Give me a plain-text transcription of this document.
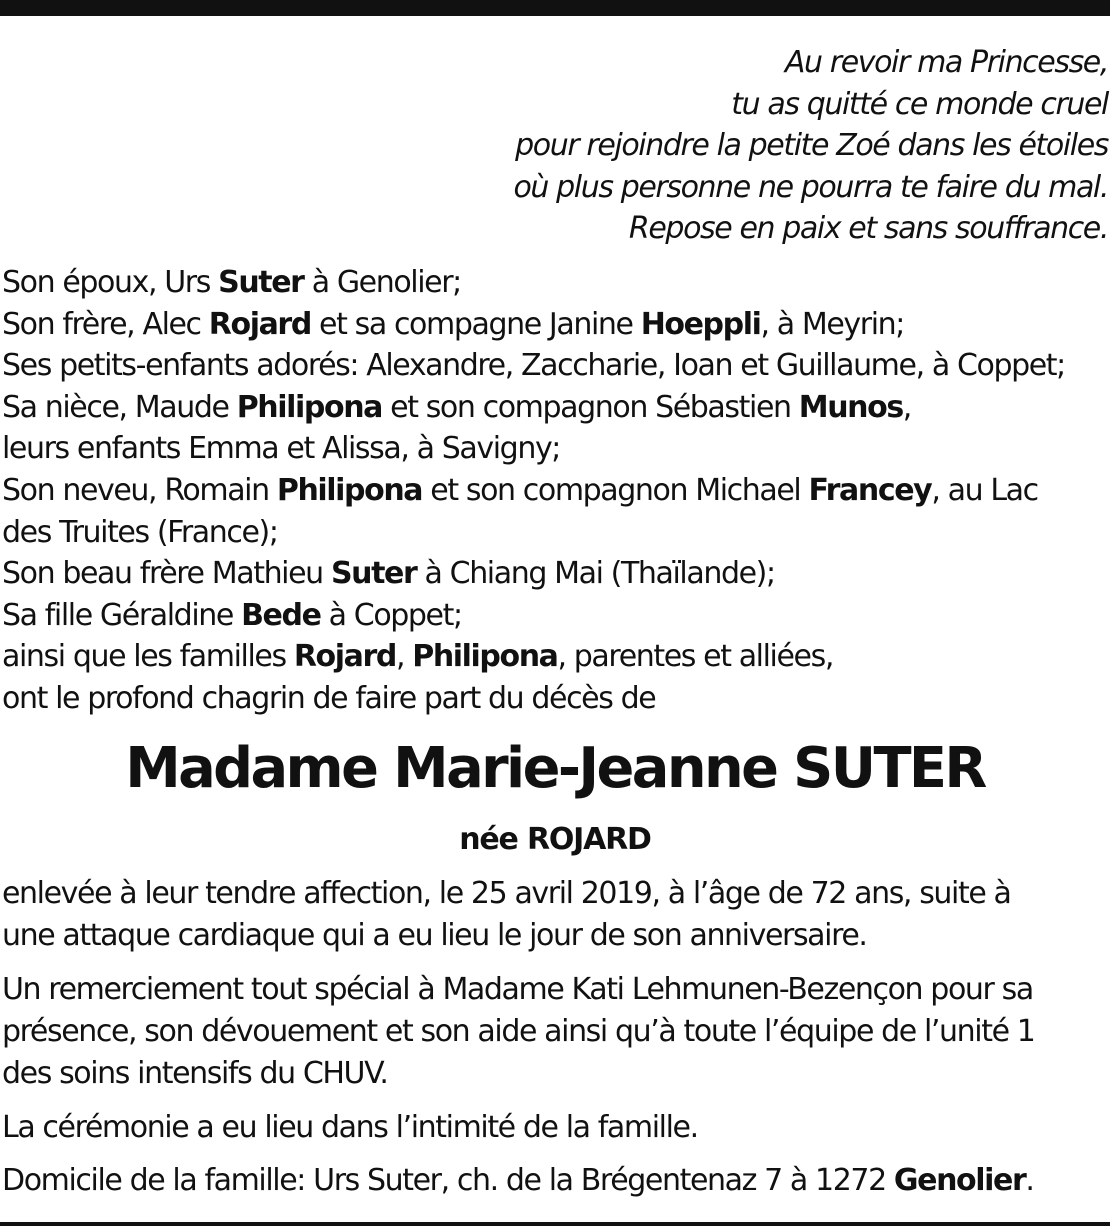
Au revoir ma Princesse,
tu as quitté ce monde cruel
pour rejoindre la petite Zoé dans les étoiles
où plus personne ne pourra te faire du mal.
Repose en paix et sans souffrance.
Son époux, Urs Suter à Genolier;
Son frère, Alec Rojard et sa compagne Janine Hoeppli, à Meyrin;
Ses petits-enfants adorés: Alexandre, Zaccharie, Ioan et Guillaume, à Coppet;
Sa nièce, Maude Philipona et son compagnon Sébastien Munos,
leurs enfants Emma et Alissa, à Savigny;
Son neveu, Romain Philipona et son compagnon Michael Francey, au Lac
des Truites (France);
Son beau frère Mathieu Suter à Chiang Mai (Thaïlande);
Sa fille Géraldine Bede à Coppet;
ainsi que les familles Rojard, Philipona, parentes et alliées,
ont le profond chagrin de faire part du décès de
Madame Marie-Jeanne SUTER
née ROJARD
enlevée à leur tendre affection, le 25 avril 2019, à l’âge de 72 ans, suite à
une attaque cardiaque qui a eu lieu le jour de son anniversaire.
Un remerciement tout spécial à Madame Kati Lehmunen-Bezençon pour sa
présence, son dévouement et son aide ainsi qu’à toute l’équipe de l’unité 1
des soins intensifs du CHUV.
La cérémonie a eu lieu dans l’intimité de la famille.
Domicile de la famille: Urs Suter, ch. de la Brégentenaz 7 à 1272 Genolier.
